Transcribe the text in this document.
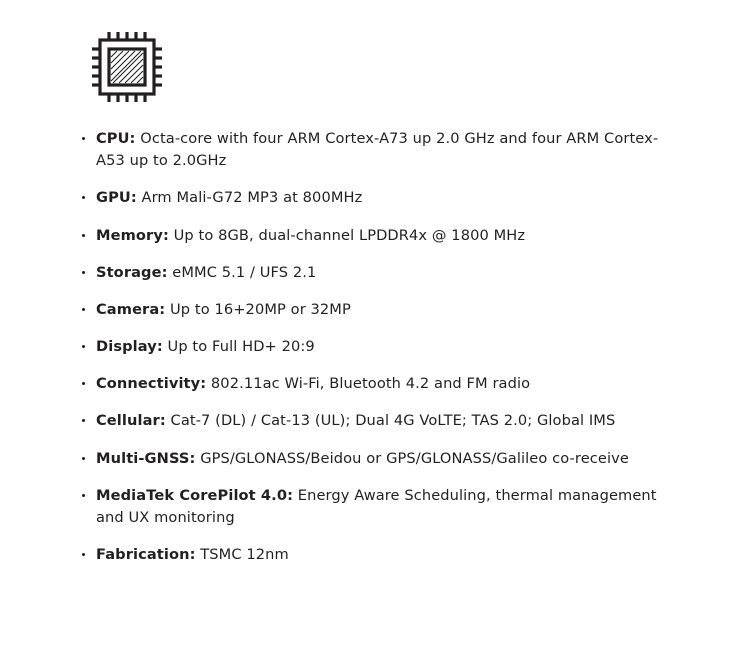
CPU: Octa-core with four ARM Cortex-A73 up 2.0 GHz and four ARM Cortex-A53 up to 2.0GHz
GPU: Arm Mali-G72 MP3 at 800MHz
Memory: Up to 8GB, dual-channel LPDDR4x @ 1800 MHz
Storage: eMMC 5.1 / UFS 2.1
Camera: Up to 16+20MP or 32MP
Display: Up to Full HD+ 20:9
Connectivity: 802.11ac Wi-Fi, Bluetooth 4.2 and FM radio
Cellular: Cat-7 (DL) / Cat-13 (UL); Dual 4G VoLTE; TAS 2.0; Global IMS
Multi-GNSS: GPS/GLONASS/Beidou or GPS/GLONASS/Galileo co-receive
MediaTek CorePilot 4.0: Energy Aware Scheduling, thermal management and UX monitoring
Fabrication: TSMC 12nm
